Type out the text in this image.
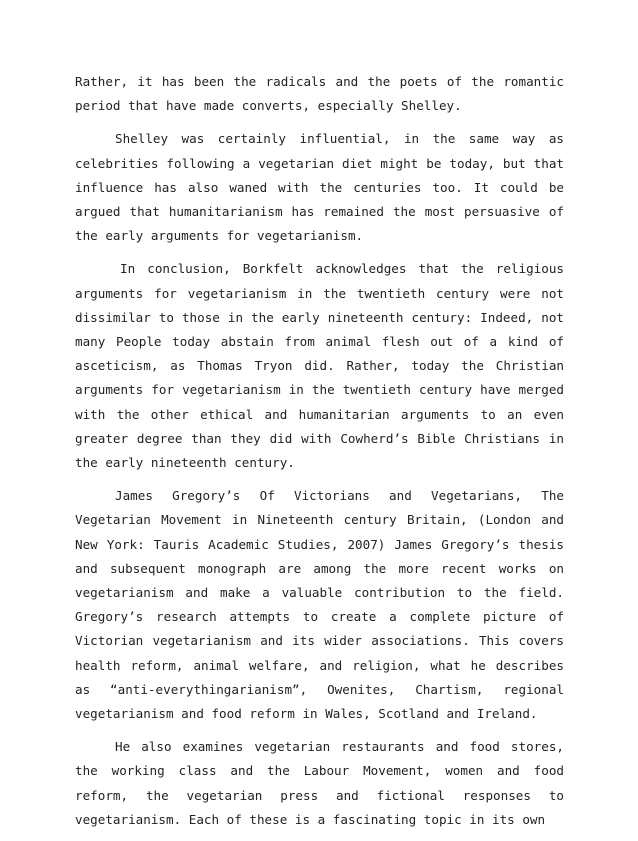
Rather, it has been the radicals and the poets of the romantic period that have made converts, especially Shelley.

Shelley was certainly influential, in the same way as celebrities following a vegetarian diet might be today, but that influence has also waned with the centuries too. It could be argued that humanitarianism has remained the most persuasive of the early arguments for vegetarianism.

In conclusion, Borkfelt acknowledges that the religious arguments for vegetarianism in the twentieth century were not dissimilar to those in the early nineteenth century: Indeed, not many People today abstain from animal flesh out of a kind of asceticism, as Thomas Tryon did. Rather, today the Christian arguments for vegetarianism in the twentieth century have merged with the other ethical and humanitarian arguments to an even greater degree than they did with Cowherd’s Bible Christians in the early nineteenth century.

James Gregory’s Of Victorians and Vegetarians, The Vegetarian Movement in Nineteenth century Britain, (London and New York: Tauris Academic Studies, 2007) James Gregory’s thesis and subsequent monograph are among the more recent works on vegetarianism and make a valuable contribution to the field. Gregory’s research attempts to create a complete picture of Victorian vegetarianism and its wider associations. This covers health reform, animal welfare, and religion, what he describes as “anti-everythingarianism”, Owenites, Chartism, regional vegetarianism and food reform in Wales, Scotland and Ireland.

He also examines vegetarian restaurants and food stores, the working class and the Labour Movement, women and food reform, the vegetarian press and fictional responses to vegetarianism. Each of these is a fascinating topic in its own
